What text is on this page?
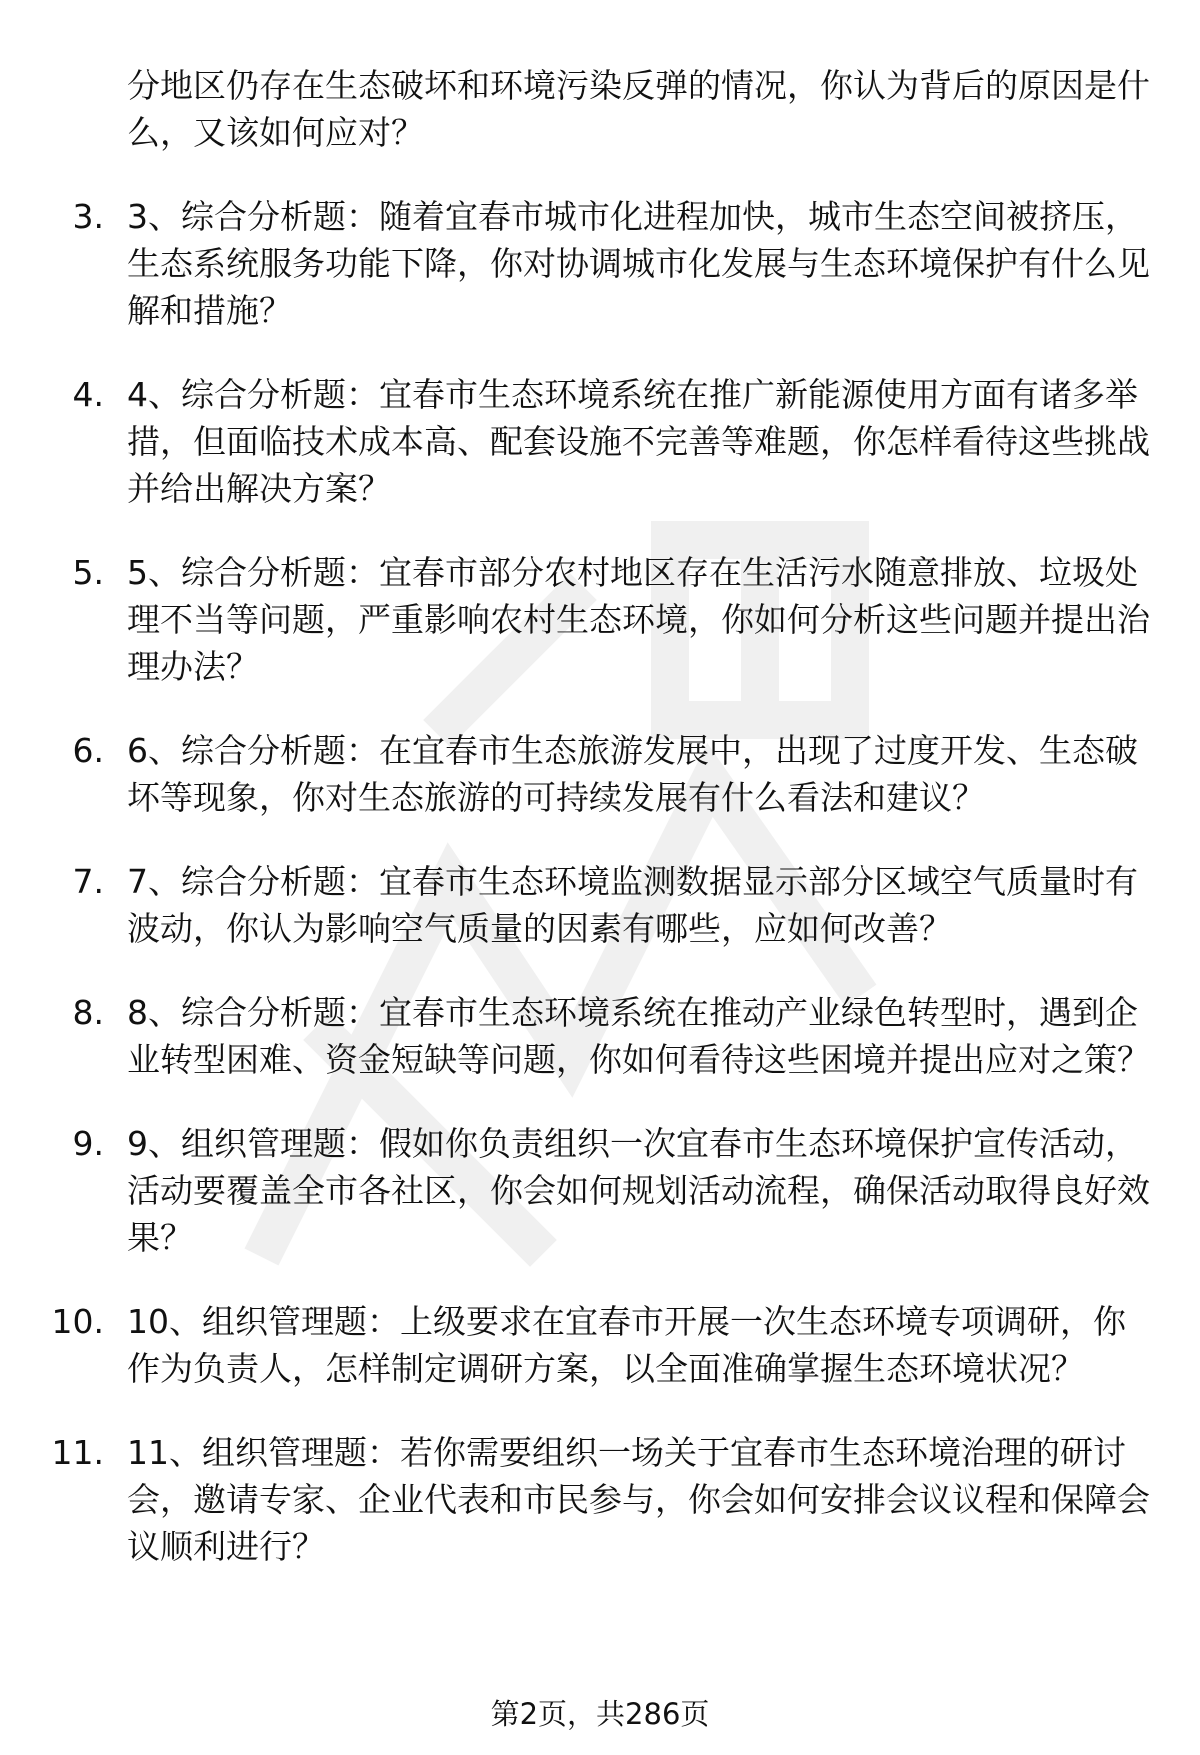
分地区仍存在生态破坏和环境污染反弹的情况，你认为背后的原因是什么，又该如何应对？

3. 3、综合分析题：随着宜春市城市化进程加快，城市生态空间被挤压，生态系统服务功能下降，你对协调城市化发展与生态环境保护有什么见解和措施？
4. 4、综合分析题：宜春市生态环境系统在推广新能源使用方面有诸多举措，但面临技术成本高、配套设施不完善等难题，你怎样看待这些挑战并给出解决方案？
5. 5、综合分析题：宜春市部分农村地区存在生活污水随意排放、垃圾处理不当等问题，严重影响农村生态环境，你如何分析这些问题并提出治理办法？
6. 6、综合分析题：在宜春市生态旅游发展中，出现了过度开发、生态破坏等现象，你对生态旅游的可持续发展有什么看法和建议？
7. 7、综合分析题：宜春市生态环境监测数据显示部分区域空气质量时有波动，你认为影响空气质量的因素有哪些，应如何改善？
8. 8、综合分析题：宜春市生态环境系统在推动产业绿色转型时，遇到企业转型困难、资金短缺等问题，你如何看待这些困境并提出应对之策？
9. 9、组织管理题：假如你负责组织一次宜春市生态环境保护宣传活动，活动要覆盖全市各社区，你会如何规划活动流程，确保活动取得良好效果？
10. 10、组织管理题：上级要求在宜春市开展一次生态环境专项调研，你作为负责人，怎样制定调研方案，以全面准确掌握生态环境状况？
11. 11、组织管理题：若你需要组织一场关于宜春市生态环境治理的研讨会，邀请专家、企业代表和市民参与，你会如何安排会议议程和保障会议顺利进行？
第2页，共286页
